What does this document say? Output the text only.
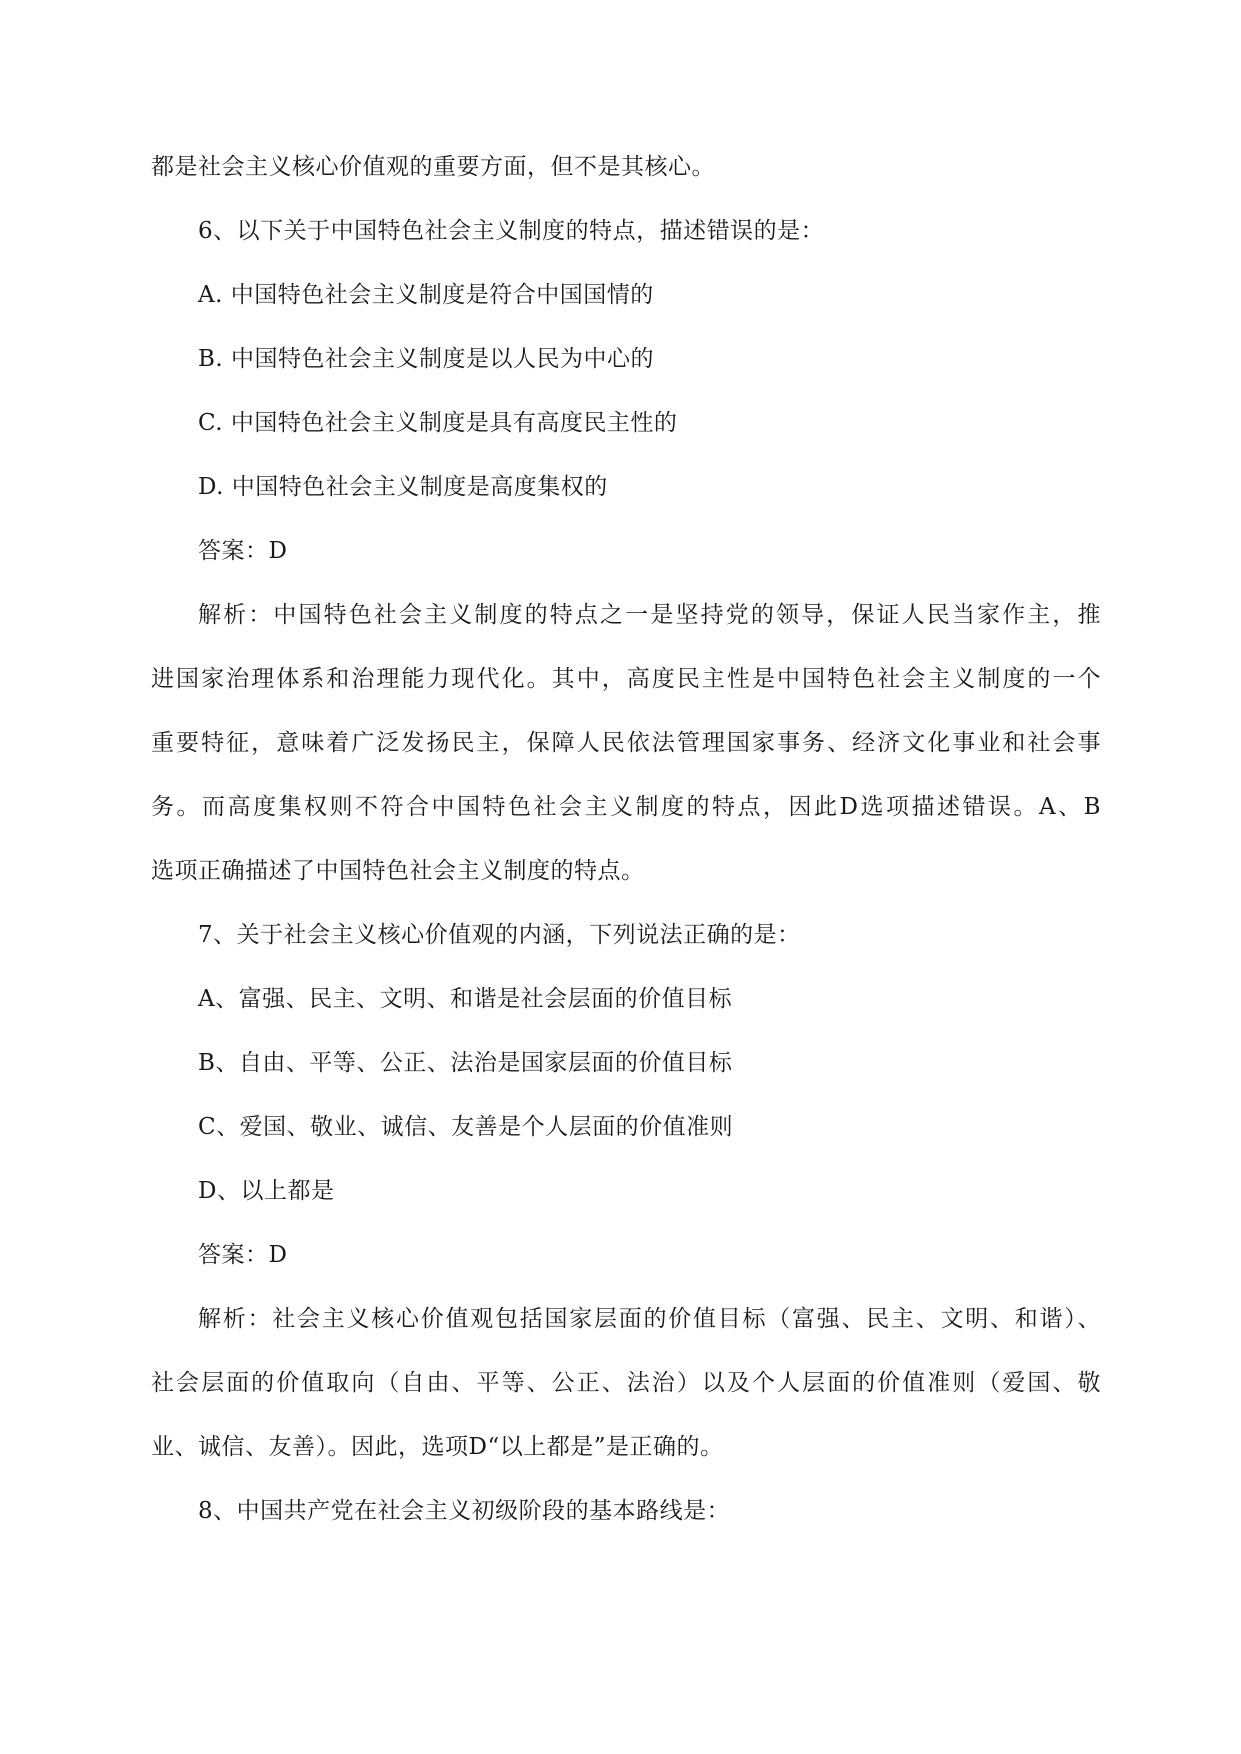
都是社会主义核心价值观的重要方面，但不是其核心。

6、以下关于中国特色社会主义制度的特点，描述错误的是：

A. 中国特色社会主义制度是符合中国国情的

B. 中国特色社会主义制度是以人民为中心的

C. 中国特色社会主义制度是具有高度民主性的

D. 中国特色社会主义制度是高度集权的

答案：D

解析：中国特色社会主义制度的特点之一是坚持党的领导，保证人民当家作主，推

进国家治理体系和治理能力现代化。其中，高度民主性是中国特色社会主义制度的一个

重要特征，意味着广泛发扬民主，保障人民依法管理国家事务、经济文化事业和社会事

务。而高度集权则不符合中国特色社会主义制度的特点，因此D选项描述错误。A、B

选项正确描述了中国特色社会主义制度的特点。

7、关于社会主义核心价值观的内涵，下列说法正确的是：

A、富强、民主、文明、和谐是社会层面的价值目标

B、自由、平等、公正、法治是国家层面的价值目标

C、爱国、敬业、诚信、友善是个人层面的价值准则

D、以上都是

答案：D

解析：社会主义核心价值观包括国家层面的价值目标（富强、民主、文明、和谐）、

社会层面的价值取向（自由、平等、公正、法治）以及个人层面的价值准则（爱国、敬

业、诚信、友善）。因此，选项D“以上都是”是正确的。

8、中国共产党在社会主义初级阶段的基本路线是：
